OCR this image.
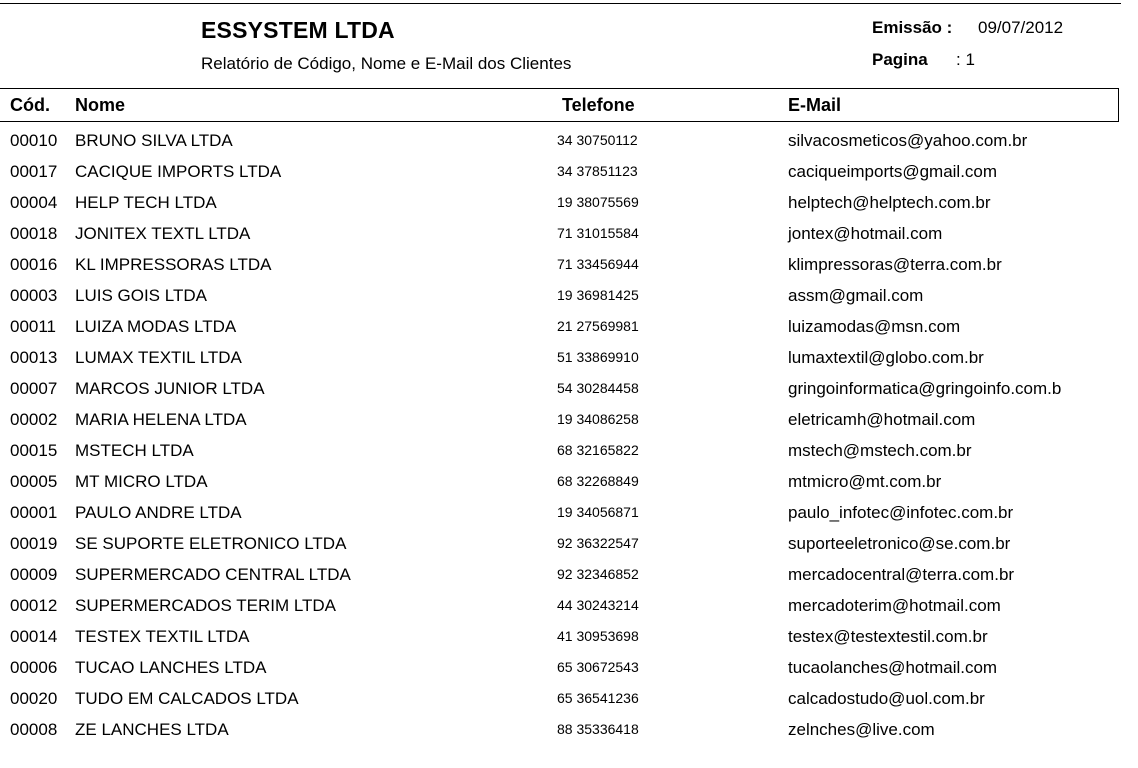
ESSYSTEM LTDA
Relatório de Código, Nome e E-Mail dos Clientes
Emissão : 09/07/2012
Pagina : 1
Cód. Nome	Telefone	E-Mail
00010 BRUNO SILVA LTDA	34 30750112	silvacosmeticos@yahoo.com.br
00017 CACIQUE IMPORTS LTDA	34 37851123	caciqueimports@gmail.com
00004 HELP TECH LTDA	19 38075569	helptech@helptech.com.br
00018 JONITEX TEXTL LTDA	71 31015584	jontex@hotmail.com
00016 KL IMPRESSORAS LTDA	71 33456944	klimpressoras@terra.com.br
00003 LUIS GOIS LTDA	19 36981425	assm@gmail.com
00011 LUIZA MODAS LTDA	21 27569981	luizamodas@msn.com
00013 LUMAX TEXTIL LTDA	51 33869910	lumaxtextil@globo.com.br
00007 MARCOS JUNIOR LTDA	54 30284458	gringoinformatica@gringoinfo.com.b
00002 MARIA HELENA LTDA	19 34086258	eletricamh@hotmail.com
00015 MSTECH LTDA	68 32165822	mstech@mstech.com.br
00005 MT MICRO LTDA	68 32268849	mtmicro@mt.com.br
00001 PAULO ANDRE LTDA	19 34056871	paulo_infotec@infotec.com.br
00019 SE SUPORTE ELETRONICO LTDA	92 36322547	suporteeletronico@se.com.br
00009 SUPERMERCADO CENTRAL LTDA	92 32346852	mercadocentral@terra.com.br
00012 SUPERMERCADOS TERIM LTDA	44 30243214	mercadoterim@hotmail.com
00014 TESTEX TEXTIL LTDA	41 30953698	testex@testextestil.com.br
00006 TUCAO LANCHES LTDA	65 30672543	tucaolanches@hotmail.com
00020 TUDO EM CALCADOS LTDA	65 36541236	calcadostudo@uol.com.br
00008 ZE LANCHES LTDA	88 35336418	zelnches@live.com
